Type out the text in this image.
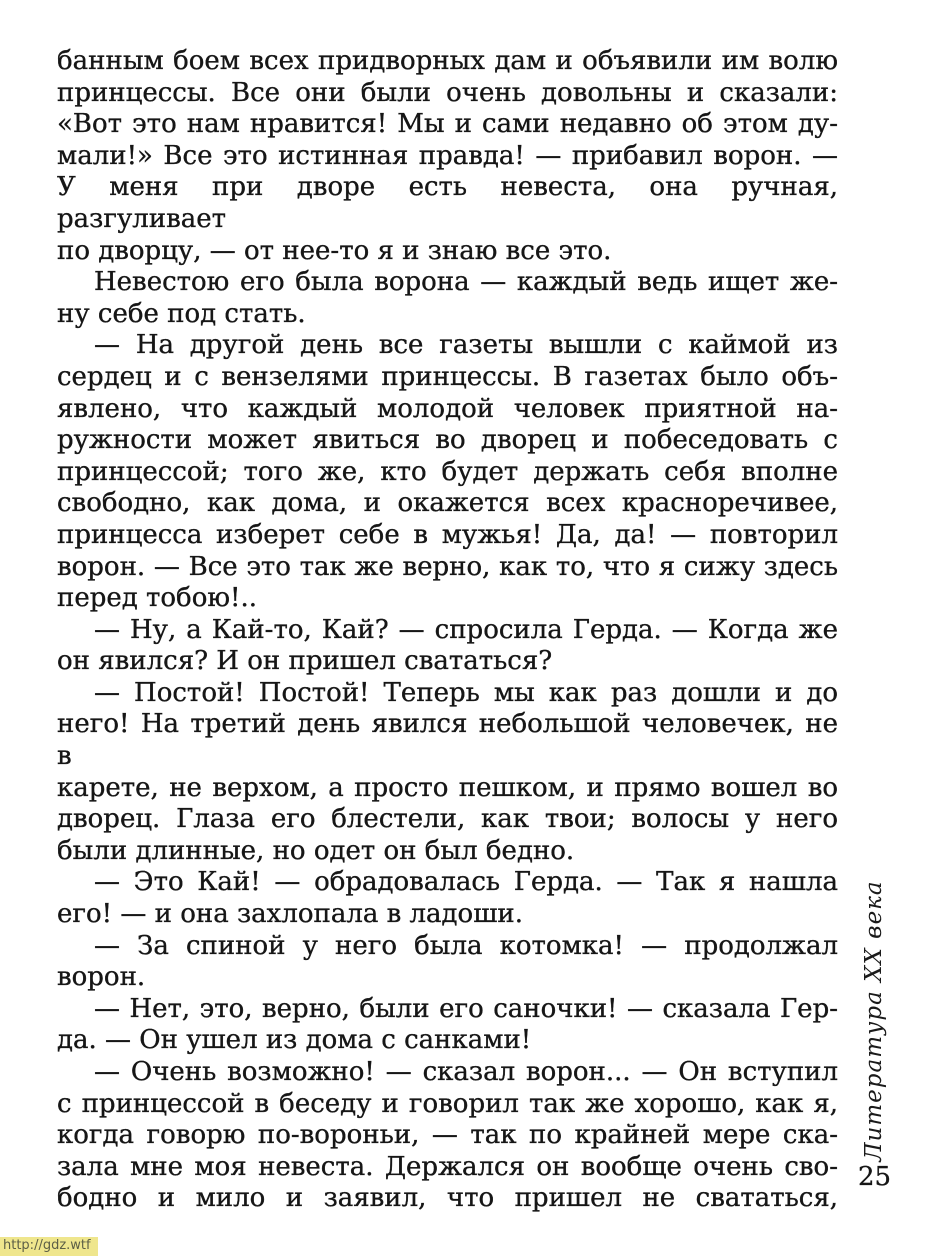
банным боем всех придворных дам и объявили им волю
принцессы. Все они были очень довольны и сказали:
«Вот это нам нравится! Мы и сами недавно об этом ду-
мали!» Все это истинная правда! — прибавил ворон. —
У меня при дворе есть невеста, она ручная, разгуливает
по дворцу, — от нее-то я и знаю все это.
Невестою его была ворона — каждый ведь ищет же-
ну себе под стать.
— На другой день все газеты вышли с каймой из
сердец и с вензелями принцессы. В газетах было объ-
явлено, что каждый молодой человек приятной на-
ружности может явиться во дворец и побеседовать с
принцессой; того же, кто будет держать себя вполне
свободно, как дома, и окажется всех красноречивее,
принцесса изберет себе в мужья! Да, да! — повторил
ворон. — Все это так же верно, как то, что я сижу здесь
перед тобою!..
— Ну, а Кай-то, Кай? — спросила Герда. — Когда же
он явился? И он пришел свататься?
— Постой! Постой! Теперь мы как раз дошли и до
него! На третий день явился небольшой человечек, не в
карете, не верхом, а просто пешком, и прямо вошел во
дворец. Глаза его блестели, как твои; волосы у него
были длинные, но одет он был бедно.
— Это Кай! — обрадовалась Герда. — Так я нашла
его! — и она захлопала в ладоши.
— За спиной у него была котомка! — продолжал
ворон.
— Нет, это, верно, были его саночки! — сказала Гер-
да. — Он ушел из дома с санками!
— Очень возможно! — сказал ворон... — Он вступил
с принцессой в беседу и говорил так же хорошо, как я,
когда говорю по-вороньи, — так по крайней мере ска-
зала мне моя невеста. Держался он вообще очень сво-
бодно и мило и заявил, что пришел не свататься,
Литература ХХ века
25
http://gdz.wtf
